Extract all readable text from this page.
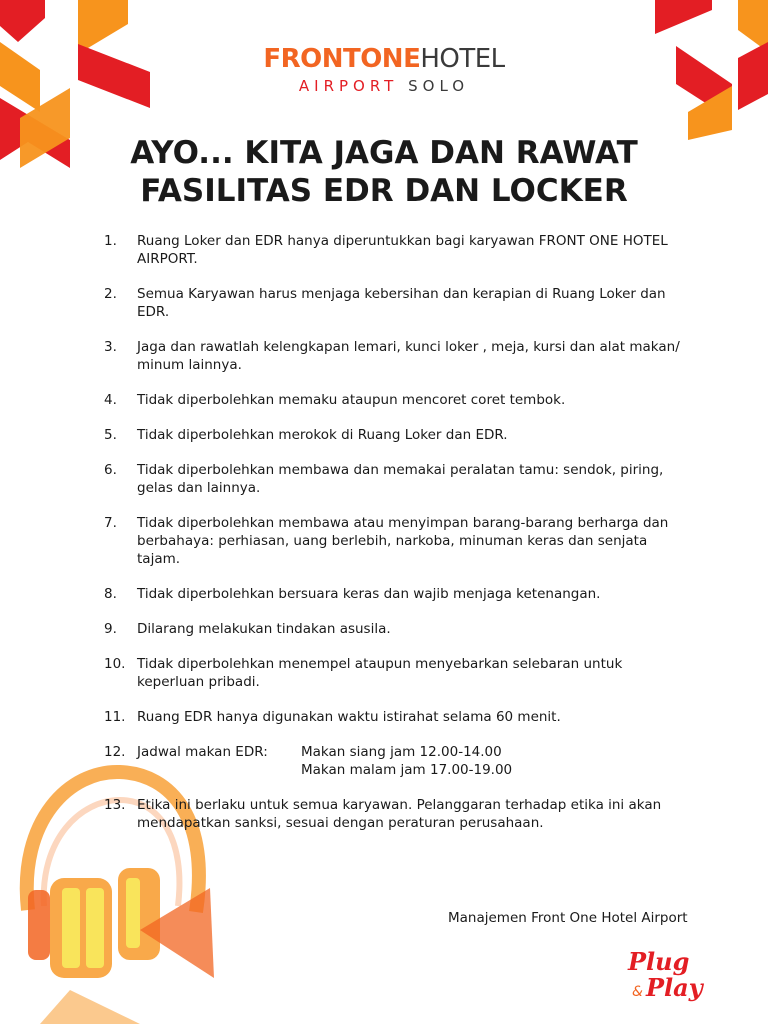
FRONTONEHOTEL
AIRPORT SOLO
AYO... KITA JAGA DAN RAWAT
FASILITAS EDR DAN LOCKER
1.	Ruang Loker dan EDR hanya diperuntukkan bagi karyawan FRONT ONE HOTEL AIRPORT.
2.	Semua Karyawan harus menjaga kebersihan dan kerapian di Ruang Loker dan EDR.
3.	Jaga dan rawatlah kelengkapan lemari, kunci loker , meja, kursi dan alat makan/ minum lainnya.
4.	Tidak diperbolehkan memaku ataupun mencoret coret tembok.
5.	Tidak diperbolehkan merokok di Ruang Loker dan EDR.
6.	Tidak diperbolehkan membawa dan memakai peralatan tamu: sendok, piring, gelas dan lainnya.
7.	Tidak diperbolehkan membawa atau menyimpan barang-barang berharga dan berbahaya: perhiasan, uang berlebih, narkoba, minuman keras dan senjata tajam.
8.	Tidak diperbolehkan bersuara keras dan wajib menjaga ketenangan.
9.	Dilarang melakukan tindakan asusila.
10. Tidak diperbolehkan menempel ataupun menyebarkan selebaran untuk keperluan pribadi.
11. Ruang EDR hanya digunakan waktu istirahat selama 60 menit.
12. Jadwal makan EDR:	Makan siang jam 12.00-14.00
Makan malam jam 17.00-19.00
13. Etika ini berlaku untuk semua karyawan. Pelanggaran terhadap etika ini akan mendapatkan sanksi, sesuai dengan peraturan perusahaan.
Manajemen Front One Hotel Airport
Plug
& Play
